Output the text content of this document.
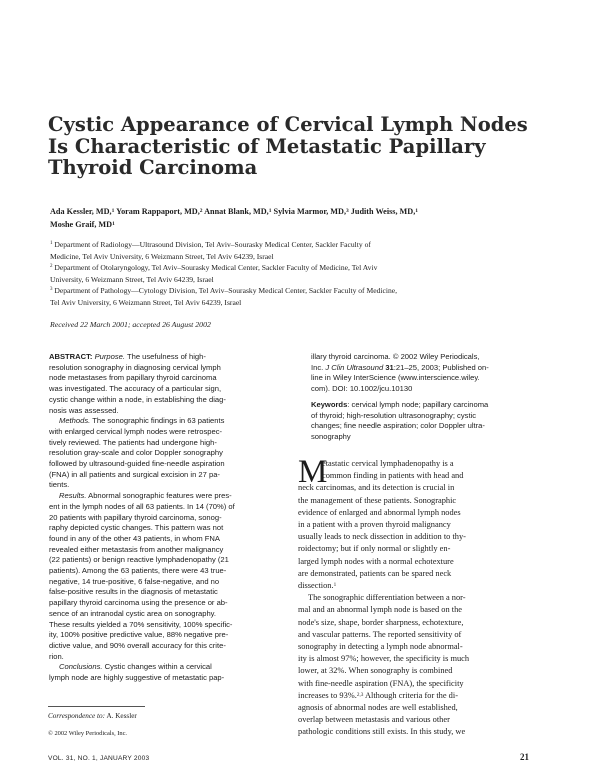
Cystic Appearance of Cervical Lymph Nodes
Is Characteristic of Metastatic Papillary
Thyroid Carcinoma
Ada Kessler, MD,$^1$ Yoram Rappaport, MD,$^2$ Annat Blank, MD,$^1$ Sylvia Marmor, MD,$^3$ Judith Weiss, MD,$^1$
Moshe Graif, $MD^1$
$^1$ Department of Radiology—Ultrasound Division, Tel Aviv–Sourasky Medical Center, Sackler Faculty of
Medicine, Tel Aviv University, 6 Weizmann Street, Tel Aviv 64239, Israel
$^2$ Department of Otolaryngology, Tel Aviv–Sourasky Medical Center, Sackler Faculty of Medicine, Tel Aviv
University, 6 Weizmann Street, Tel Aviv 64239, Israel
$^3$ Department of Pathology—Cytology Division, Tel Aviv–Sourasky Medical Center, Sackler Faculty of Medicine,
Tel Aviv University, 6 Weizmann Street, Tel Aviv 64239, Israel
Received 22 March 2001; accepted 26 August 2002
ABSTRACT: Purpose. The usefulness of high-
resolution sonography in diagnosing cervical lymph
node metastases from papillary thyroid carcinoma
was investigated. The accuracy of a particular sign,
cystic change within a node, in establishing the diag-
nosis was assessed.
Methods. The sonographic findings in 63 patients
with enlarged cervical lymph nodes were retrospec-
tively reviewed. The patients had undergone high-
resolution gray-scale and color Doppler sonography
followed by ultrasound-guided fine-needle aspiration
(FNA) in all patients and surgical excision in 27 pa-
tients.
Results. Abnormal sonographic features were pres-
ent in the lymph nodes of all 63 patients. In 14 (70%) of
20 patients with papillary thyroid carcinoma, sonog-
raphy depicted cystic changes. This pattern was not
found in any of the other 43 patients, in whom FNA
revealed either metastasis from another malignancy
(22 patients) or benign reactive lymphadenopathy (21
patients). Among the 63 patients, there were 43 true-
negative, 14 true-positive, 6 false-negative, and no
false-positive results in the diagnosis of metastatic
papillary thyroid carcinoma using the presence or ab-
sence of an intranodal cystic area on sonography.
These results yielded a 70% sensitivity, 100% specific-
ity, 100% positive predictive value, 88% negative pre-
dictive value, and 90% overall accuracy for this crite-
rion.
Conclusions. Cystic changes within a cervical
lymph node are highly suggestive of metastatic pap-
illary thyroid carcinoma. © 2002 Wiley Periodicals,
Inc. J Clin Ultrasound 31:21–25, 2003; Published on-
line in Wiley InterScience (www.interscience.wiley.
com). DOI: 10.1002/jcu.10130
Keywords: cervical lymph node; papillary carcinoma
of thyroid; high-resolution ultrasonography; cystic
changes; fine needle aspiration; color Doppler ultra-
sonography
M
etastatic cervical lymphadenopathy is a
common finding in patients with head and
neck carcinomas, and its detection is crucial in
the management of these patients. Sonographic
evidence of enlarged and abnormal lymph nodes
in a patient with a proven thyroid malignancy
usually leads to neck dissection in addition to thy-
roidectomy; but if only normal or slightly en-
larged lymph nodes with a normal echotexture
are demonstrated, patients can be spared neck
dissection.$^1$
The sonographic differentiation between a nor-
mal and an abnormal lymph node is based on the
node's size, shape, border sharpness, echotexture,
and vascular patterns. The reported sensitivity of
sonography in detecting a lymph node abnormal-
ity is almost 97%; however, the specificity is much
lower, at 32%. When sonography is combined
with fine-needle aspiration (FNA), the specificity
increases to 93%.$^{2,3}$ Although criteria for the di-
agnosis of abnormal nodes are well established,
overlap between metastasis and various other
pathologic conditions still exists. In this study, we
Correspondence to: A. Kessler
© 2002 Wiley Periodicals, Inc.
VOL. 31, NO. 1, JANUARY 2003	21
